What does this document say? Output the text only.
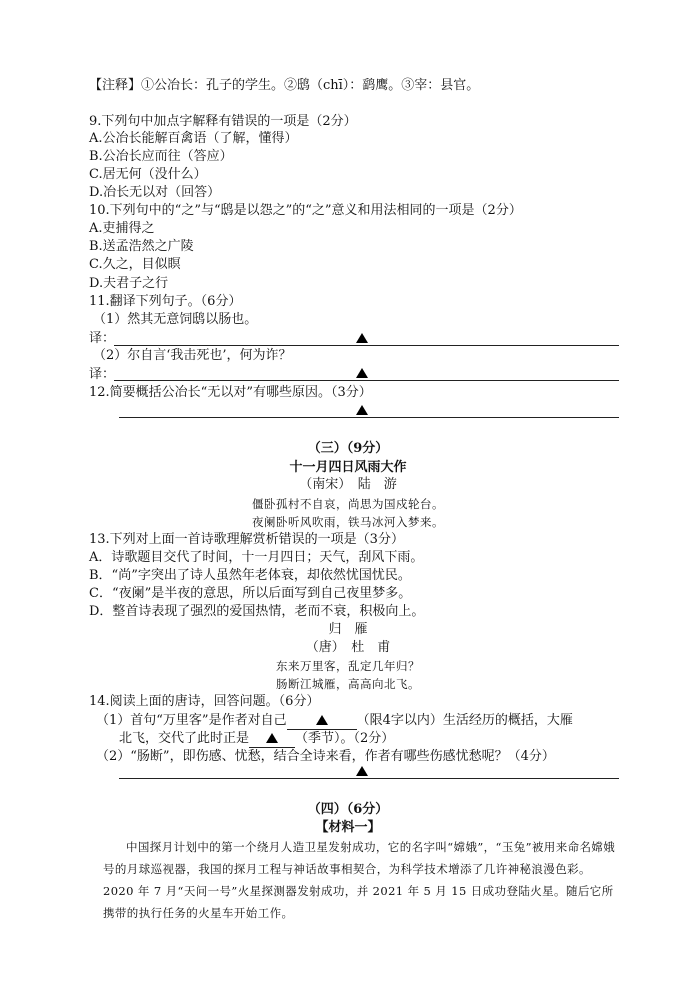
【注释】①公冶长：孔子的学生。②鸱（chī）：鹞鹰。③宰：县官。
9.下列句中加点字解释有错误的一项是（2分）
A.公冶长能解百禽语（了解，懂得）
B.公冶长应而往（答应）
C.居无何（没什么）
D.冶长无以对（回答）
10.下列句中的“之”与“鸱是以怨之”的“之”意义和用法相同的一项是（2分）
A.吏捕得之
B.送孟浩然之广陵
C.久之，目似瞑
D.夫君子之行
11.翻译下列句子。（6分）
（1）然其无意饲鸱以肠也。
译：
（2）尔自言‘我击死也’，何为诈？
译：
12.简要概括公冶长“无以对”有哪些原因。（3分）
（三）（9分）
十一月四日风雨大作
（南宋）　陆　游
僵卧孤村不自哀，尚思为国戍轮台。
夜阑卧听风吹雨，铁马冰河入梦来。
13.下列对上面一首诗歌理解赏析错误的一项是（3分）
A．诗歌题目交代了时间，十一月四日；天气，刮风下雨。
B．“尚”字突出了诗人虽然年老体衰，却依然忧国忧民。
C．“夜阑”是半夜的意思，所以后面写到自己夜里梦多。
D．整首诗表现了强烈的爱国热情，老而不衰，积极向上。
归　雁
（唐）　杜　甫
东来万里客，乱定几年归？
肠断江城雁，高高向北飞。
14.阅读上面的唐诗，回答问题。（6分）
（1）首句“万里客”是作者对自己	（限4字以内）生活经历的概括，大雁
北飞，交代了此时正是	（季节）。（2分）
（2）“肠断”，即伤感、忧愁，结合全诗来看，作者有哪些伤感忧愁呢？（4分）
（四）（6分）
【材料一】
中国探月计划中的第一个绕月人造卫星发射成功，它的名字叫“嫦娥”，“玉兔”被用来命名嫦娥号的月球巡视器，我国的探月工程与神话故事相契合，为科学技术增添了几许神秘浪漫色彩。2020 年 7 月“天问一号”火星探测器发射成功，并 2021 年 5 月 15 日成功登陆火星。随后它所携带的执行任务的火星车开始工作。
